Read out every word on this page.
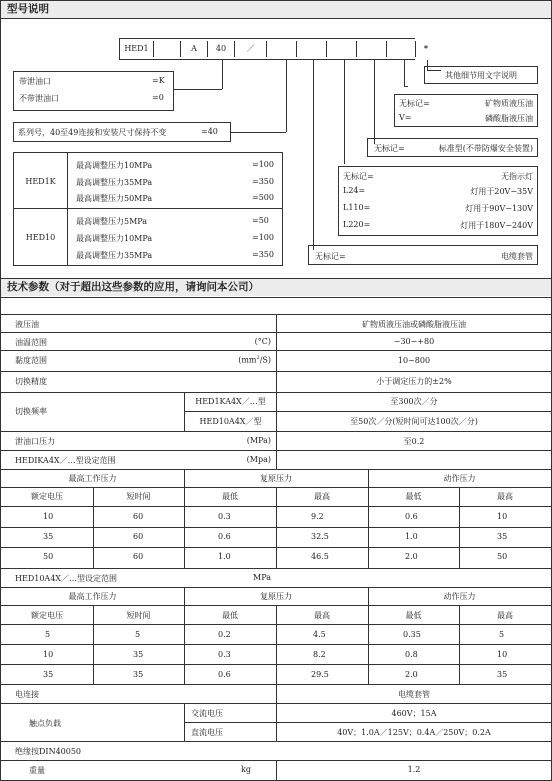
型号说明
HED1	A	40	／	*
其他细节用文字说明
带泄油口	=K
不带泄油口	=0
无标记=	矿物质液压油
V=	磷酸脂液压油
系列号，40至49连接和安装尺寸保持不变	=40
无标记=	标准型(不带防爆安全装置)
HED1K
最高调整压力10MPa	=100
最高调整压力35MPa	=350
最高调整压力50MPa	=500
HED10
最高调整压力5MPa	=50
最高调整压力10MPa	=100
最高调整压力35MPa	=350
无标记=	无指示灯
L24=	灯用于20V−35V
L110=	灯用于90V−130V
L220=	灯用于180V−240V
无标记=	电缆套管
技术参数（对于超出这些参数的应用，请询问本公司）
液压油	矿物质液压油或磷酸脂液压油
油温范围	(°C)	−30−+80
黏度范围	$(mm^2/S)$	10∼800
切换精度	小于调定压力的±2%
切换频率
HED1KA4X／…型	至300次／分
HED10A4X／型	至50次／分(短时间可达100次／分)
泄油口压力	(MPa)	至0.2
HEDIKA4X／…型设定范围	(Mpa)
最高工作压力	复原压力	动作压力
额定电压	短时间	最低	最高	最低	最高
10	60	0.3	9.2	0.6	10
35	60	0.6	32.5	1.0	35
50	60	1.0	46.5	2.0	50
HED10A4X／…型设定范围	MPa
最高工作压力	复原压力	动作压力
额定电压	短时间	最低	最高	最低	最高
5	5	0.2	4.5	0.35	5
10	35	0.3	8.2	0.8	10
35	35	0.6	29.5	2.0	35
电连接	电缆套管
触点负载
交流电压	460V；15A
直流电压	40V；1.0A／125V；0.4A／250V；0.2A
绝缘按DIN40050
重量	kg	1.2
